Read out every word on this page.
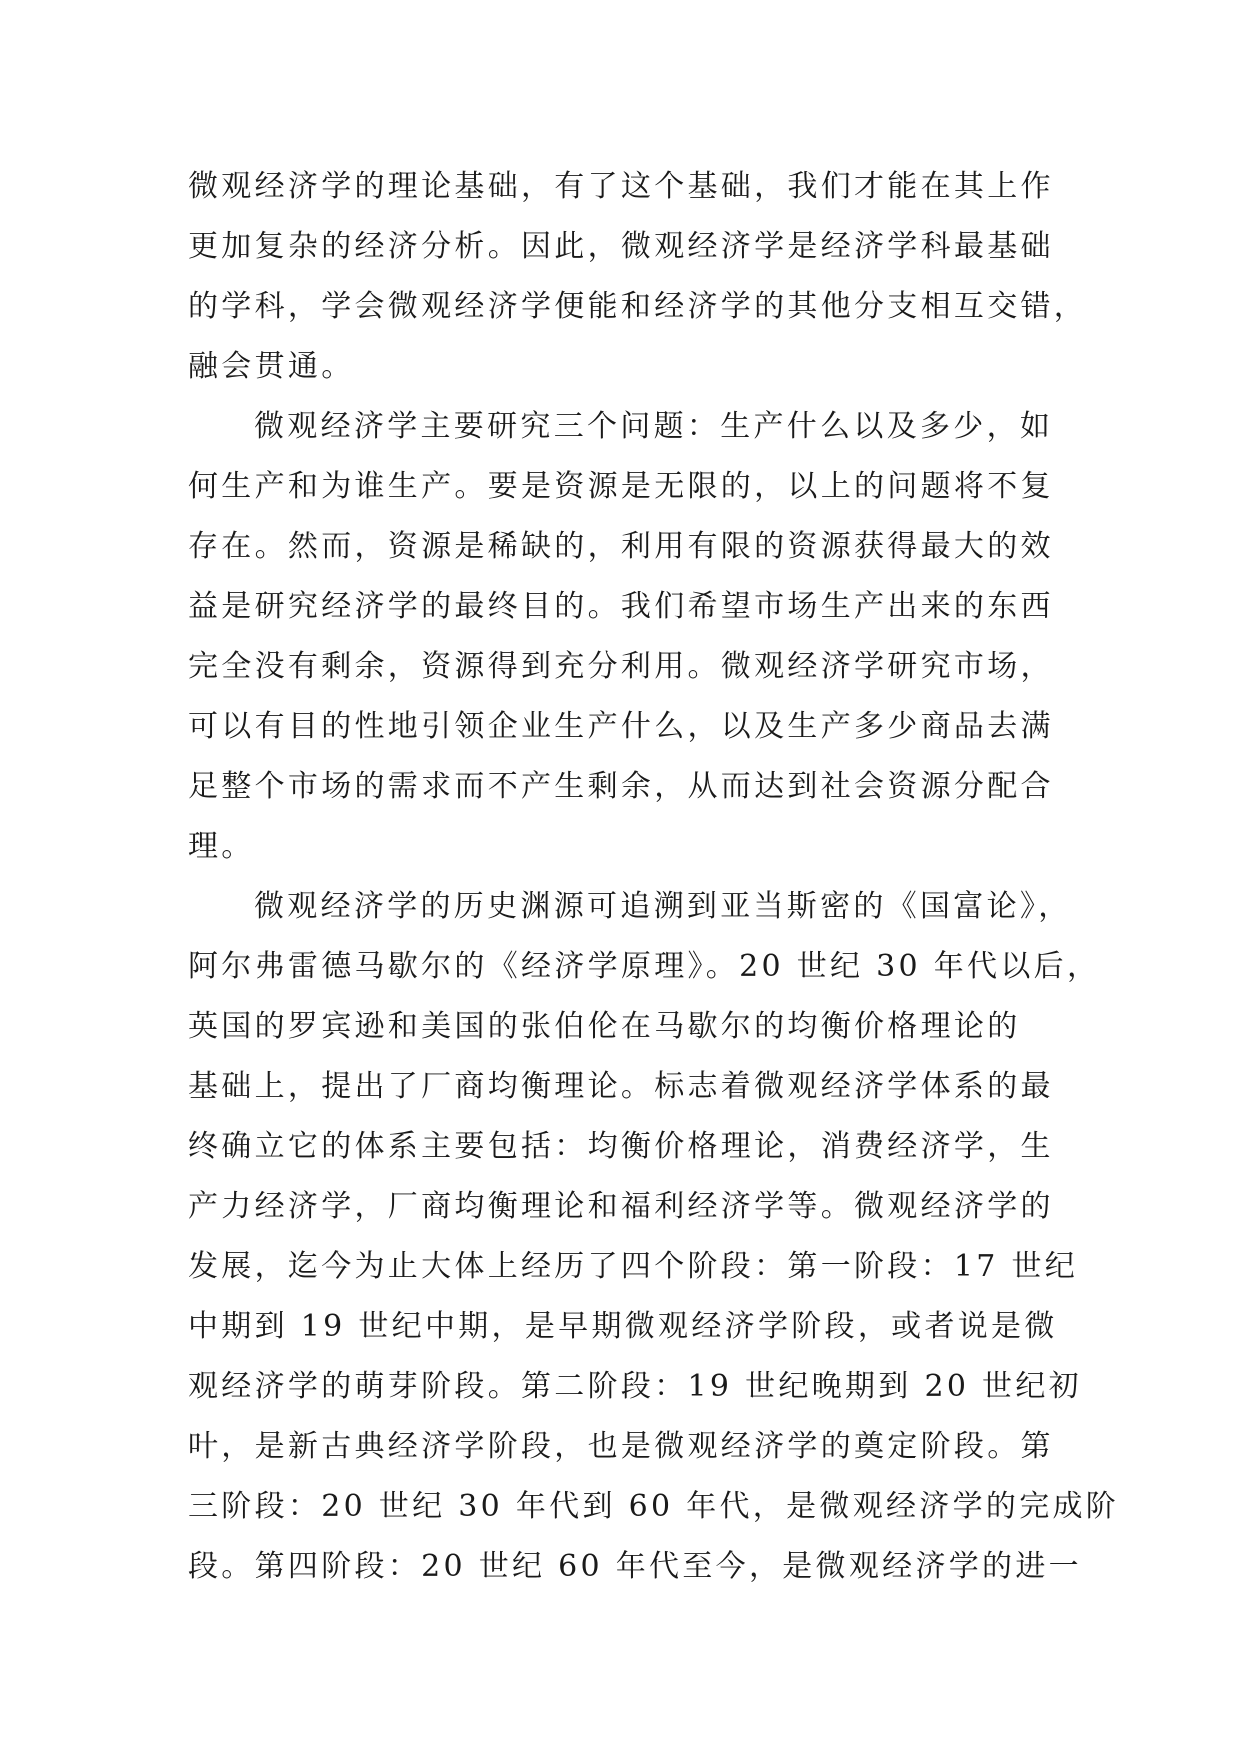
微观经济学的理论基础，有了这个基础，我们才能在其上作
更加复杂的经济分析。因此，微观经济学是经济学科最基础
的学科，学会微观经济学便能和经济学的其他分支相互交错，
融会贯通。
微观经济学主要研究三个问题：生产什么以及多少，如
何生产和为谁生产。要是资源是无限的，以上的问题将不复
存在。然而，资源是稀缺的，利用有限的资源获得最大的效
益是研究经济学的最终目的。我们希望市场生产出来的东西
完全没有剩余，资源得到充分利用。微观经济学研究市场，
可以有目的性地引领企业生产什么，以及生产多少商品去满
足整个市场的需求而不产生剩余，从而达到社会资源分配合
理。
微观经济学的历史渊源可追溯到亚当斯密的《国富论》，
阿尔弗雷德马歇尔的《经济学原理》。20 世纪 30 年代以后，
英国的罗宾逊和美国的张伯伦在马歇尔的均衡价格理论的
基础上，提出了厂商均衡理论。标志着微观经济学体系的最
终确立它的体系主要包括：均衡价格理论，消费经济学，生
产力经济学，厂商均衡理论和福利经济学等。微观经济学的
发展，迄今为止大体上经历了四个阶段：第一阶段：17 世纪
中期到 19 世纪中期，是早期微观经济学阶段，或者说是微
观经济学的萌芽阶段。第二阶段：19 世纪晚期到 20 世纪初
叶，是新古典经济学阶段，也是微观经济学的奠定阶段。第
三阶段：20 世纪 30 年代到 60 年代，是微观经济学的完成阶
段。第四阶段：20 世纪 60 年代至今，是微观经济学的进一
